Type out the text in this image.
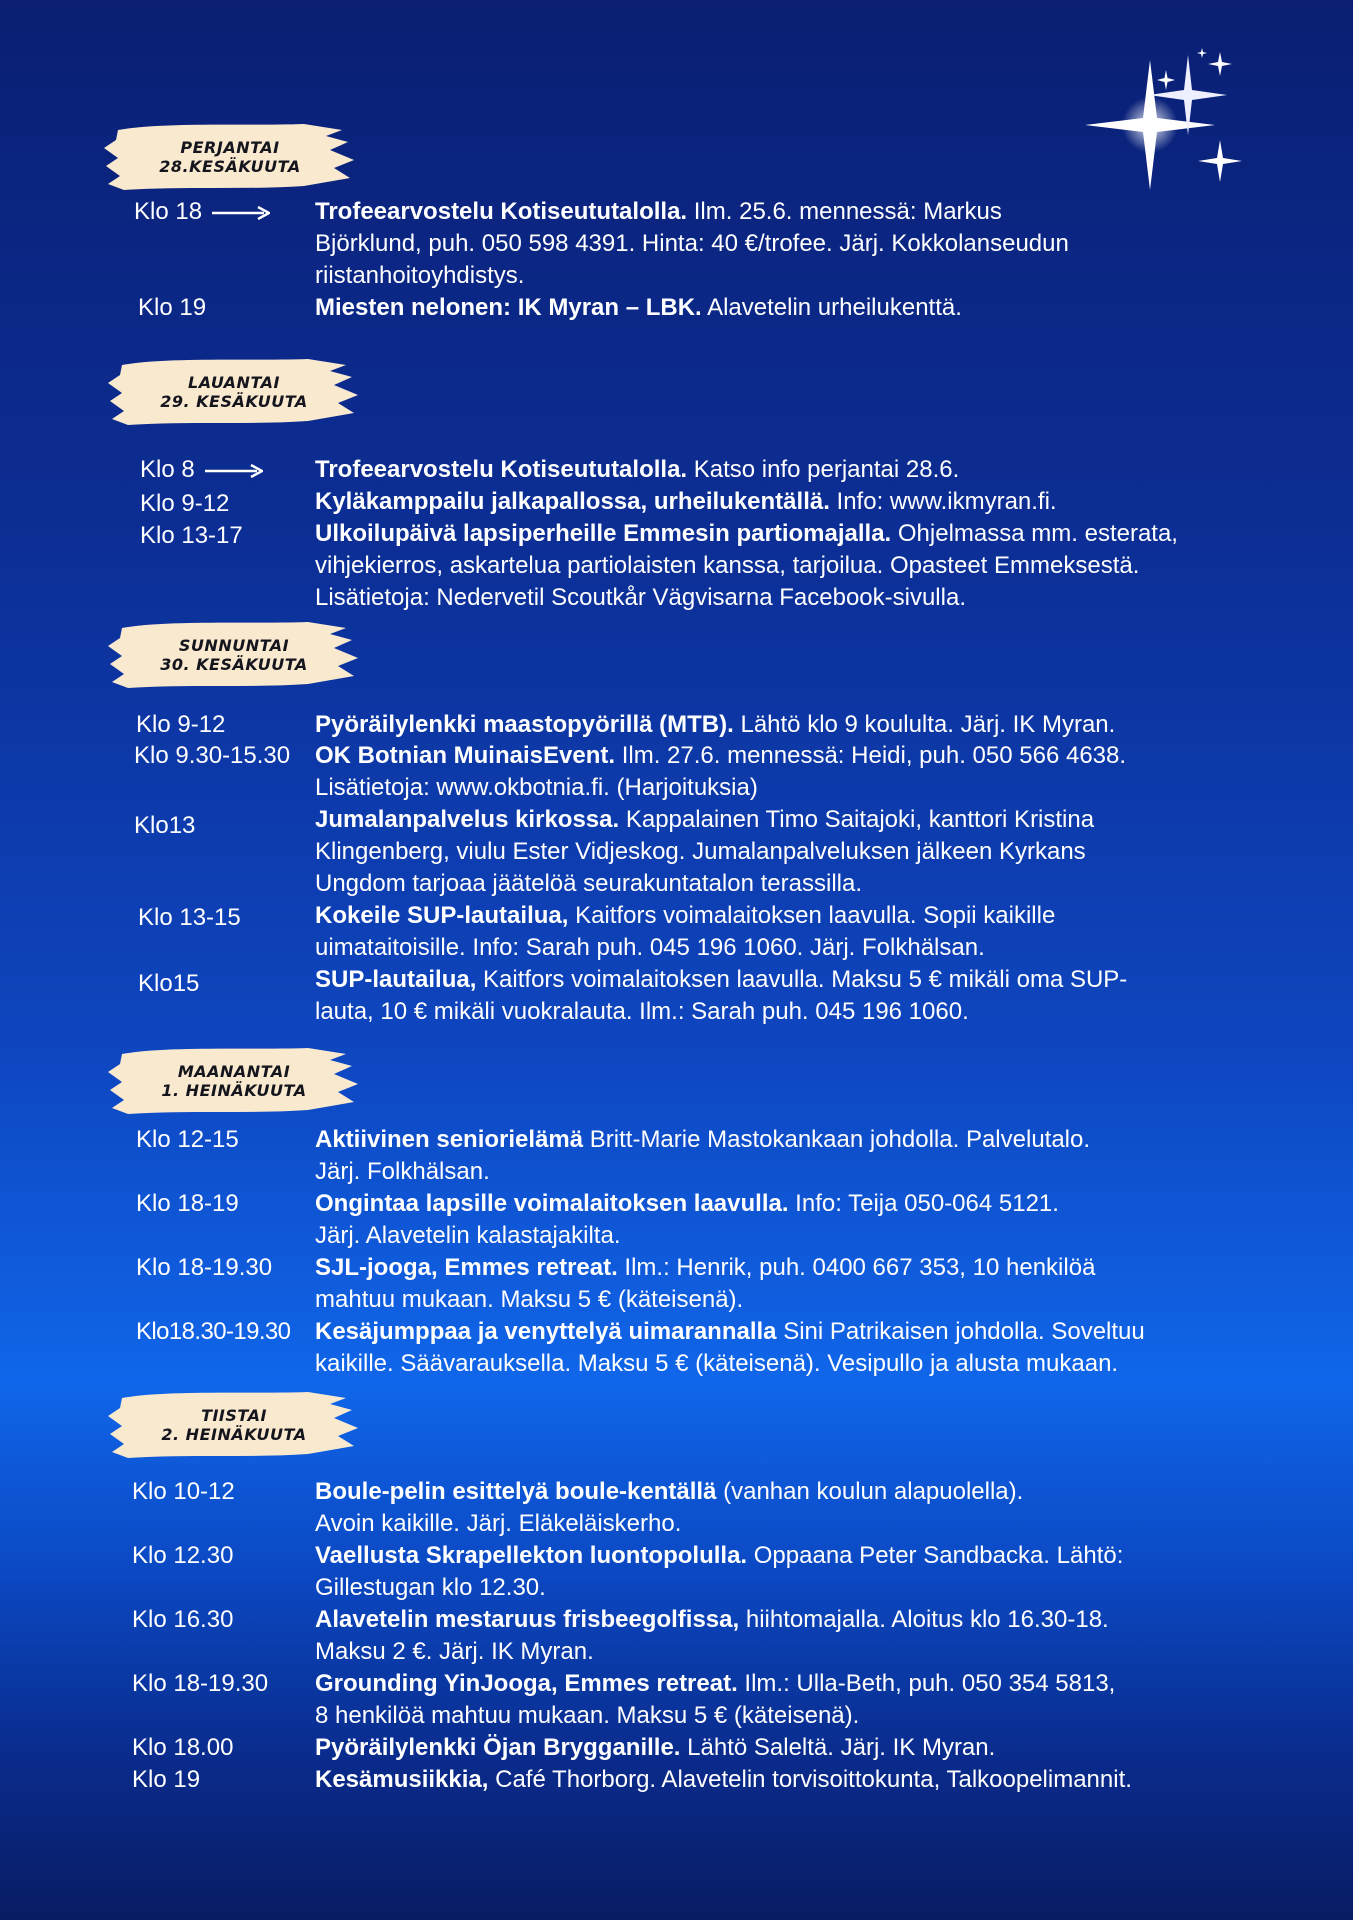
PERJANTAI
28.KESÄKUUTA
Klo 18	Trofeearvostelu Kotiseututalolla. Ilm. 25.6. mennessä: Markus
Björklund, puh. 050 598 4391. Hinta: 40 €/trofee. Järj. Kokkolanseudun
riistanhoitoyhdistys.
Klo 19	Miesten nelonen: IK Myran – LBK. Alavetelin urheilukenttä.
LAUANTAI
29. KESÄKUUTA
Klo 8	Trofeearvostelu Kotiseututalolla. Katso info perjantai 28.6.
Klo 9-12	Kyläkamppailu jalkapallossa, urheilukentällä. Info: www.ikmyran.fi.
Klo 13-17	Ulkoilupäivä lapsiperheille Emmesin partiomajalla. Ohjelmassa mm. esterata,
vihjekierros, askartelua partiolaisten kanssa, tarjoilua. Opasteet Emmeksestä.
Lisätietoja: Nedervetil Scoutkår Vägvisarna Facebook-sivulla.
SUNNUNTAI
30. KESÄKUUTA
Klo 9-12	Pyöräilylenkki maastopyörillä (MTB). Lähtö klo 9 koululta. Järj. IK Myran.
Klo 9.30-15.30 OK Botnian MuinaisEvent. Ilm. 27.6. mennessä: Heidi, puh. 050 566 4638.
Lisätietoja: www.okbotnia.fi. (Harjoituksia)
Klo13	Jumalanpalvelus kirkossa. Kappalainen Timo Saitajoki, kanttori Kristina
Klingenberg, viulu Ester Vidjeskog. Jumalanpalveluksen jälkeen Kyrkans
Ungdom tarjoaa jäätelöä seurakuntatalon terassilla.
Klo 13-15	Kokeile SUP-lautailua, Kaitfors voimalaitoksen laavulla. Sopii kaikille
uimataitoisille. Info: Sarah puh. 045 196 1060. Järj. Folkhälsan.
Klo15	SUP-lautailua, Kaitfors voimalaitoksen laavulla. Maksu 5 € mikäli oma SUP-
lauta, 10 € mikäli vuokralauta. Ilm.: Sarah puh. 045 196 1060.
MAANANTAI
1. HEINÄKUUTA
Klo 12-15	Aktiivinen seniorielämä Britt-Marie Mastokankaan johdolla. Palvelutalo.
Järj. Folkhälsan.
Klo 18-19	Ongintaa lapsille voimalaitoksen laavulla. Info: Teija 050-064 5121.
Järj. Alavetelin kalastajakilta.
Klo 18-19.30 SJL-jooga, Emmes retreat. Ilm.: Henrik, puh. 0400 667 353, 10 henkilöä
mahtuu mukaan. Maksu 5 € (käteisenä).
Klo18.30-19.30 Kesäjumppaa ja venyttelyä uimarannalla Sini Patrikaisen johdolla. Soveltuu
kaikille. Säävarauksella. Maksu 5 € (käteisenä). Vesipullo ja alusta mukaan.
TIISTAI
2. HEINÄKUUTA
Klo 10-12	Boule-pelin esittelyä boule-kentällä (vanhan koulun alapuolella).
Avoin kaikille. Järj. Eläkeläiskerho.
Klo 12.30	Vaellusta Skrapellekton luontopolulla. Oppaana Peter Sandbacka. Lähtö:
Gillestugan klo 12.30.
Klo 16.30	Alavetelin mestaruus frisbeegolfissa, hiihtomajalla. Aloitus klo 16.30-18.
Maksu 2 €. Järj. IK Myran.
Klo 18-19.30 Grounding YinJooga, Emmes retreat. Ilm.: Ulla-Beth, puh. 050 354 5813,
8 henkilöä mahtuu mukaan. Maksu 5 € (käteisenä).
Klo 18.00	Pyöräilylenkki Öjan Brygganille. Lähtö Saleltä. Järj. IK Myran.
Klo 19	Kesämusiikkia, Café Thorborg. Alavetelin torvisoittokunta, Talkoopelimannit.
